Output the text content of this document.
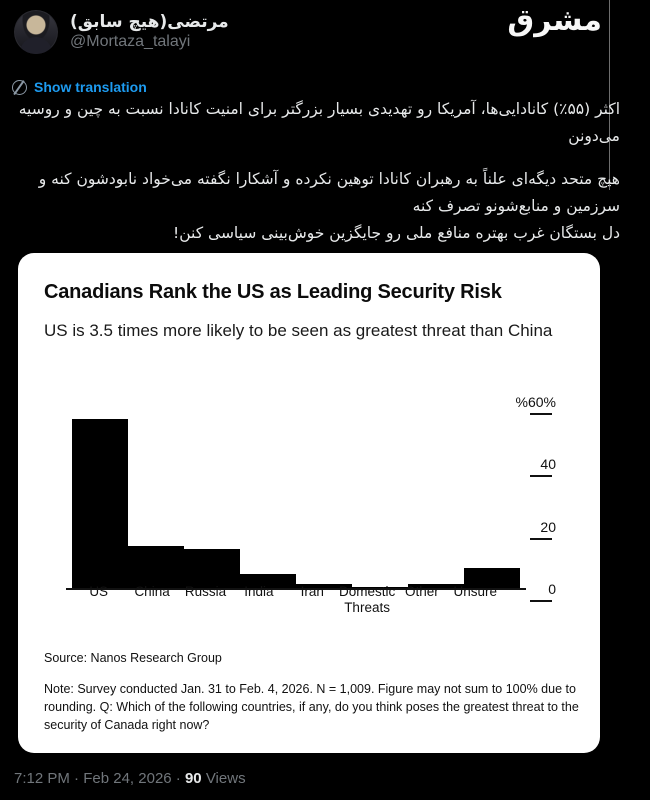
مشرق
مرتضی(هیچ سابق)
@Mortaza_talayi
Show translation

اکثر (۵۵٪) کانادایی‌ها، آمریکا رو تهدیدی بسیار بزرگتر برای امنیت کانادا نسبت به چین و روسیه می‌دونن

هیچ متحد دیگه‌ای علناً به رهبران کانادا توهین نکرده و آشکارا نگفته می‌خواد نابودشون کنه و سرزمین و منابع‌شونو تصرف کنه

دل بستگان غرب بهتره منافع ملی رو جایگزین خوش‌بینی سیاسی کنن!

Canadians Rank the US as Leading Security Risk

US is 3.5 times more likely to be seen as greatest threat than China

US	China	Russia	India	Iran	Domestic
Threats
Other	Unsure	0
20
40
%60%
Source: Nanos Research Group
Note: Survey conducted Jan. 31 to Feb. 4, 2026. N = 1,009. Figure may not sum to 100% due to rounding. Q: Which of the following countries, if any, do you think poses the greatest threat to the security of Canada right now?
7:12 PM · Feb 24, 2026 · 90 Views
